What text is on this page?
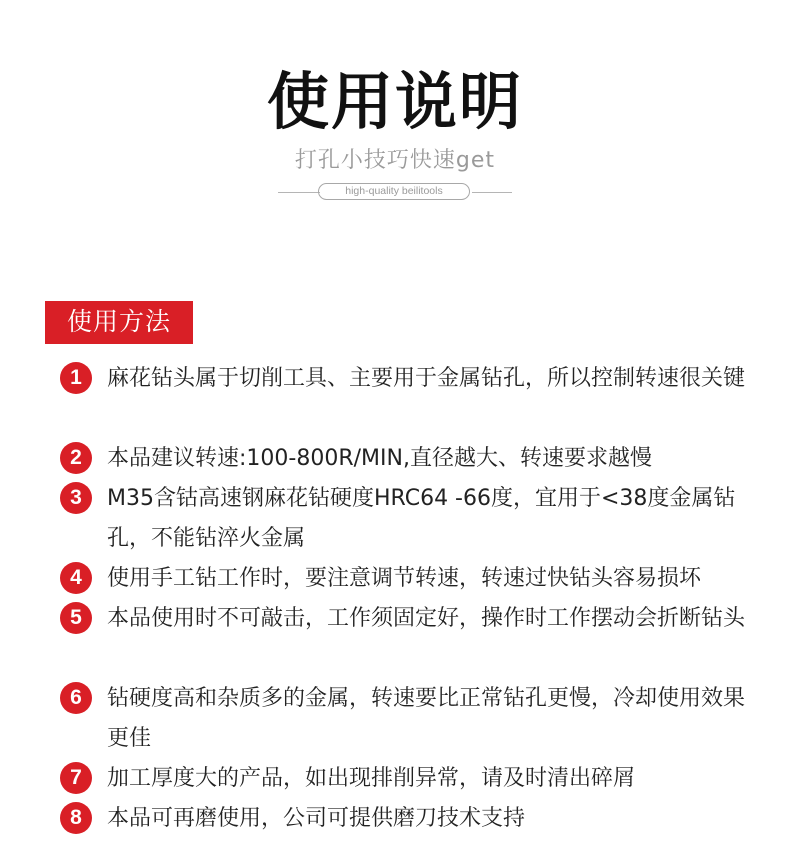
使用说明
打孔小技巧快速get
high-quality beilitools
使用方法
1	麻花钻头属于切削工具、主要用于金属钻孔，所以控制转速很关键
2	本品建议转速:100-800R/MIN,直径越大、转速要求越慢
3	M35含钴高速钢麻花钻硬度HRC64 -66度，宜用于<38度金属钻孔，不能钻淬火金属
4	使用手工钻工作时，要注意调节转速，转速过快钻头容易损坏
5	本品使用时不可敲击，工作须固定好，操作时工作摆动会折断钻头
6	钻硬度高和杂质多的金属，转速要比正常钻孔更慢，冷却使用效果更佳
7	加工厚度大的产品，如出现排削异常，请及时清出碎屑
8	本品可再磨使用，公司可提供磨刀技术支持
